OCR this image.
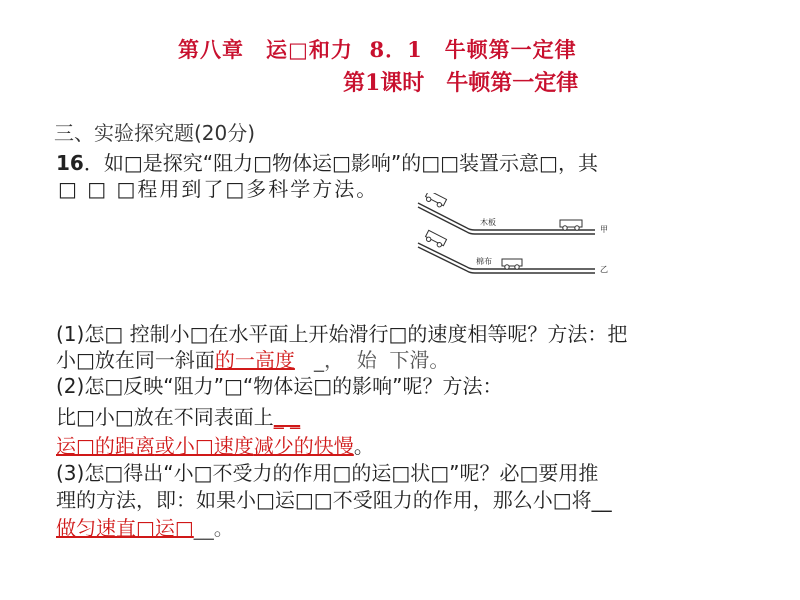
第八章　运□和力  8．1　牛顿第一定律
第1课时　牛顿第一定律
三、实验探究题(20分)
16．如□是探究“阻力□物体运□影响”的□□装置示意□，其
□ □ □程用到了□多科学方法。
木板
甲
棉布
乙
(1)怎□ 控制小□在水平面上开始滑行□的速度相等呢？方法：把
小□放在同一斜面的一高度   _，  始  下滑。
(2)怎□反映“阻力”□“物体运□的影响”呢？方法：
比□小□放在不同表面上_ _
运□的距离或小□速度减少的快慢。
(3)怎□得出“小□不受力的作用□的运□状□”呢？必□要用推
理的方法，即：如果小□运□□不受阻力的作用，那么小□将__
做匀速直□运□__。
